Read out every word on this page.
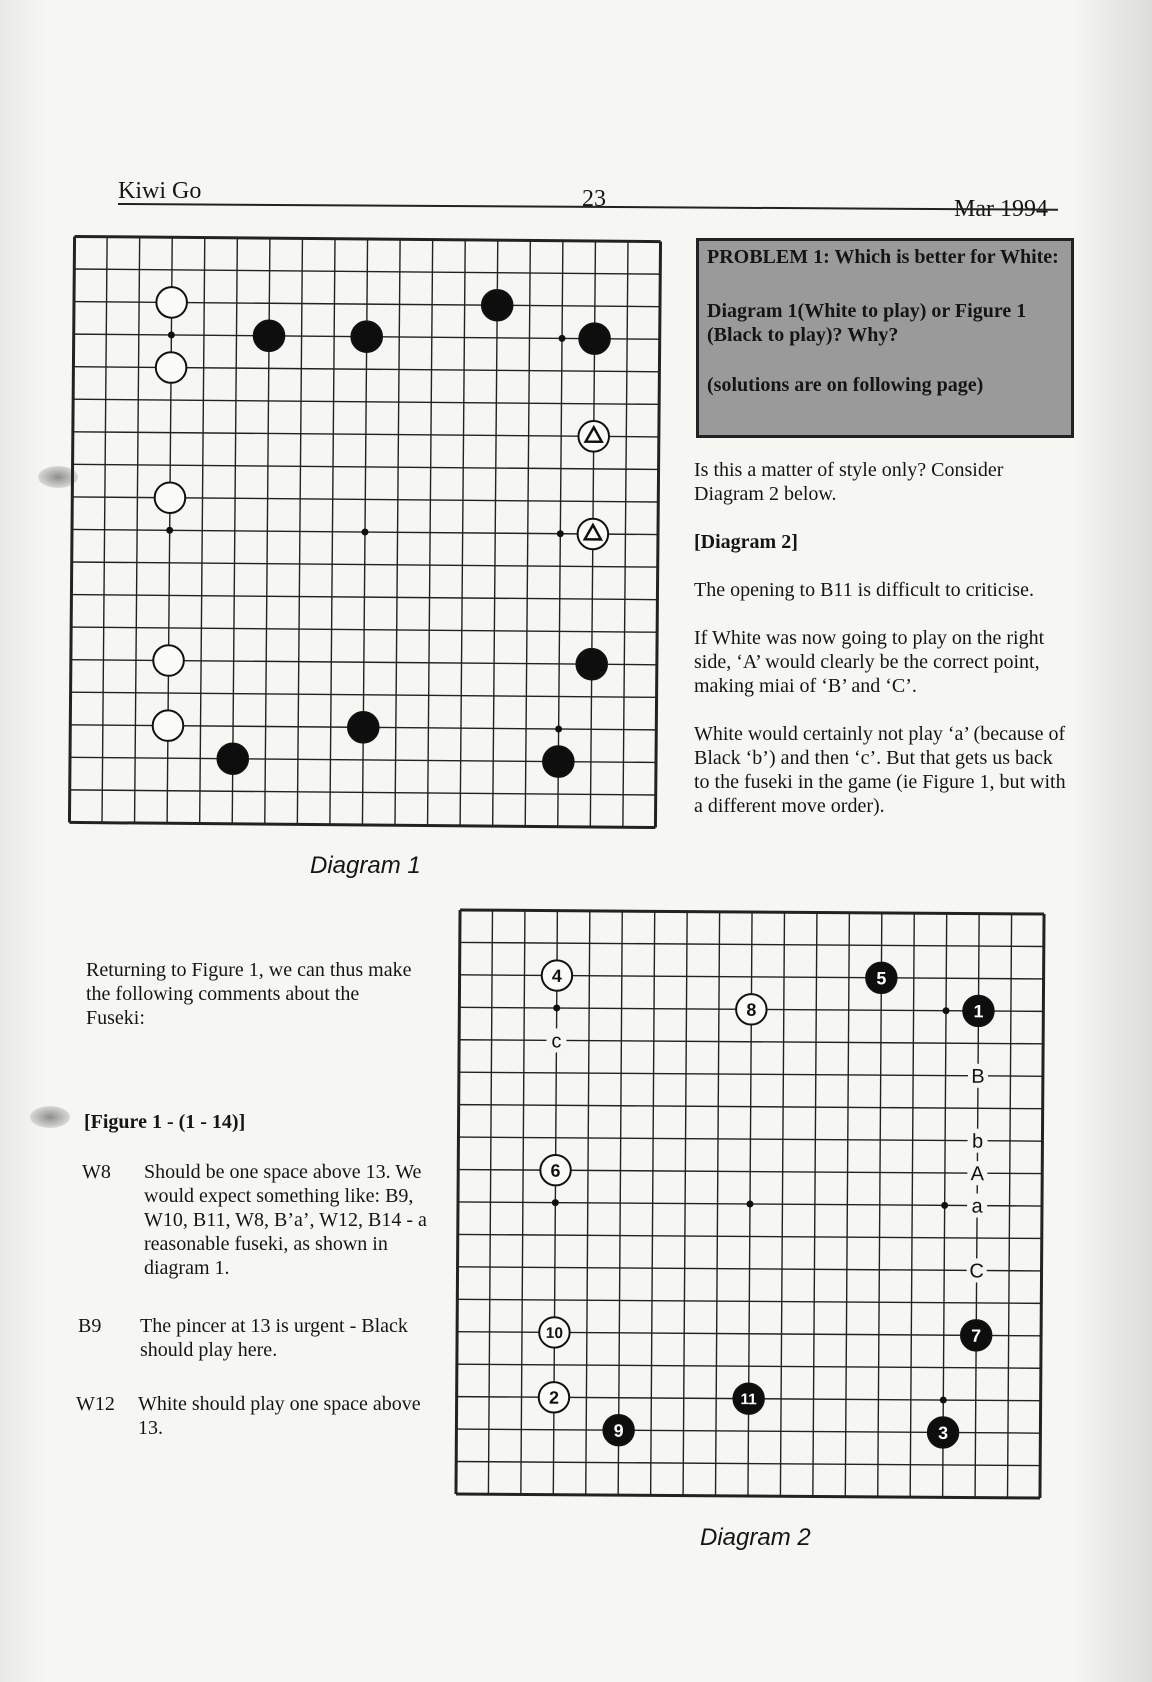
Kiwi Go	23	Mar 1994
Diagram 1

PROBLEM 1: Which is better for White:

Diagram 1(White to play) or Figure 1 (Black to play)? Why?

(solutions are on following page)

Is this a matter of style only? Consider Diagram 2 below.

[Diagram 2]

The opening to B11 is difficult to criticise.

If White was now going to play on the right side, ‘A’ would clearly be the correct point, making miai of ‘B’ and ‘C’.

White would certainly not play ‘a’ (because of Black ‘b’) and then ‘c’. But that gets us back to the fuseki in the game (ie Figure 1, but with a different move order).

Returning to Figure 1, we can thus make the following comments about the Fuseki:
[Figure 1 - (1 - 14)]
W8 Should be one space above 13. We would expect something like: B9, W10, B11, W8, B’a’, W12, B14 - a reasonable fuseki, as shown in diagram 1.
B9 The pincer at 13 is urgent - Black should play here.
W12 White should play one space above 13.
c
B
b
A
a
C
1
2
3
4	5
6
7
8
9
10
11
Diagram 2
